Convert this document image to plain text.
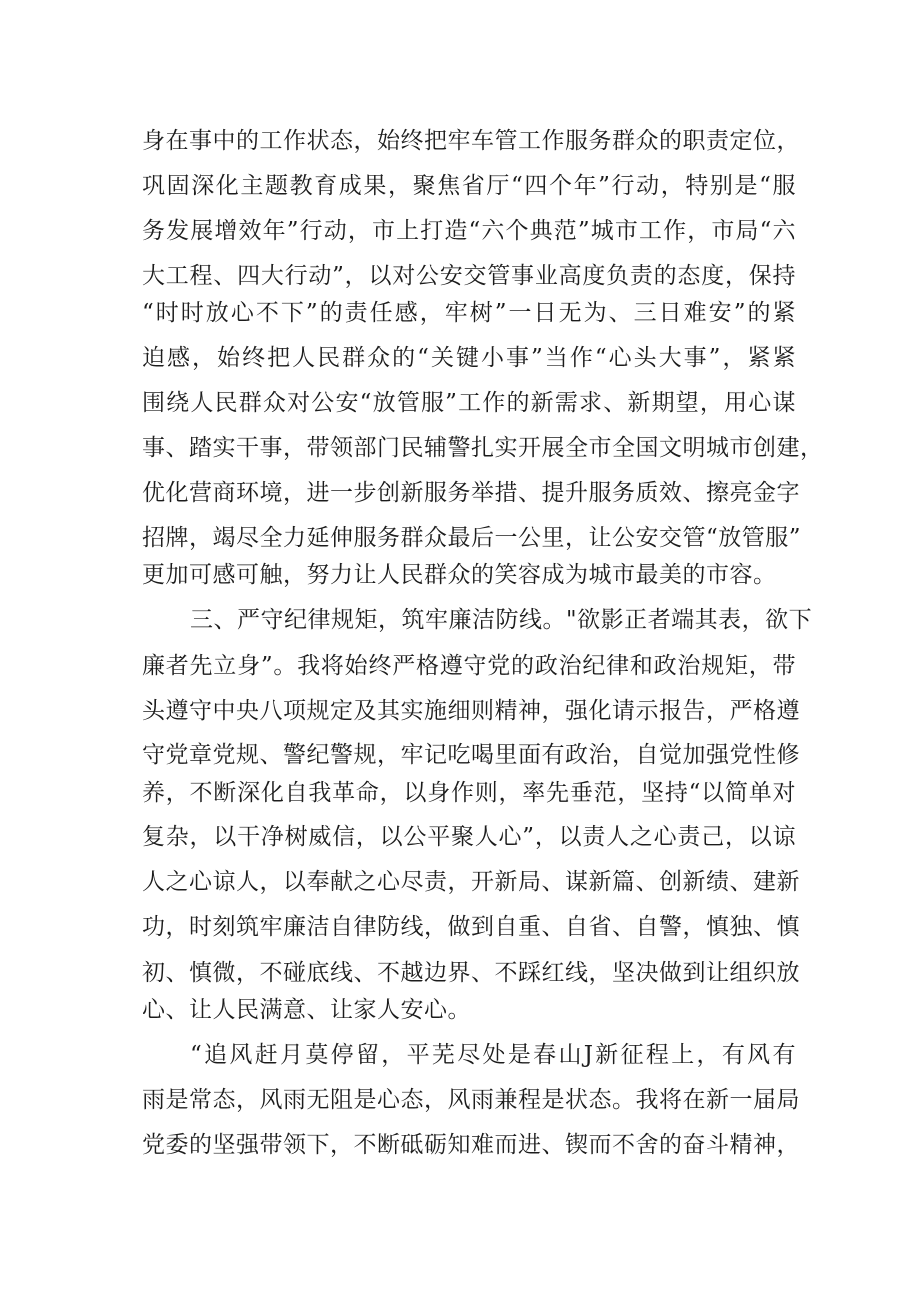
身在事中的工作状态，始终把牢车管工作服务群众的职责定位，
巩固深化主题教育成果，聚焦省厅“四个年”行动，特别是“服
务发展增效年”行动，市上打造“六个典范”城市工作，市局“六
大工程、四大行动”，以对公安交管事业高度负责的态度，保持
“时时放心不下”的责任感，牢树”一日无为、三日难安”的紧
迫感，始终把人民群众的“关键小事”当作“心头大事”，紧紧
围绕人民群众对公安“放管服”工作的新需求、新期望，用心谋
事、踏实干事，带领部门民辅警扎实开展全市全国文明城市创建，
优化营商环境，进一步创新服务举措、提升服务质效、擦亮金字
招牌，竭尽全力延伸服务群众最后一公里，让公安交管“放管服”
更加可感可触，努力让人民群众的笑容成为城市最美的市容。
三、严守纪律规矩，筑牢廉洁防线。"欲影正者端其表，欲下
廉者先立身”。我将始终严格遵守党的政治纪律和政治规矩，带
头遵守中央八项规定及其实施细则精神，强化请示报告，严格遵
守党章党规、警纪警规，牢记吃喝里面有政治，自觉加强党性修
养，不断深化自我革命，以身作则，率先垂范，坚持“以简单对
复杂，以干净树威信，以公平聚人心”，以责人之心责己，以谅
人之心谅人，以奉献之心尽责，开新局、谋新篇、创新绩、建新
功，时刻筑牢廉洁自律防线，做到自重、自省、自警，慎独、慎
初、慎微，不碰底线、不越边界、不踩红线，坚决做到让组织放
心、让人民满意、让家人安心。
“追风赶月莫停留，平芜尽处是春山J新征程上，有风有
雨是常态，风雨无阻是心态，风雨兼程是状态。我将在新一届局
党委的坚强带领下，不断砥砺知难而进、锲而不舍的奋斗精神，
